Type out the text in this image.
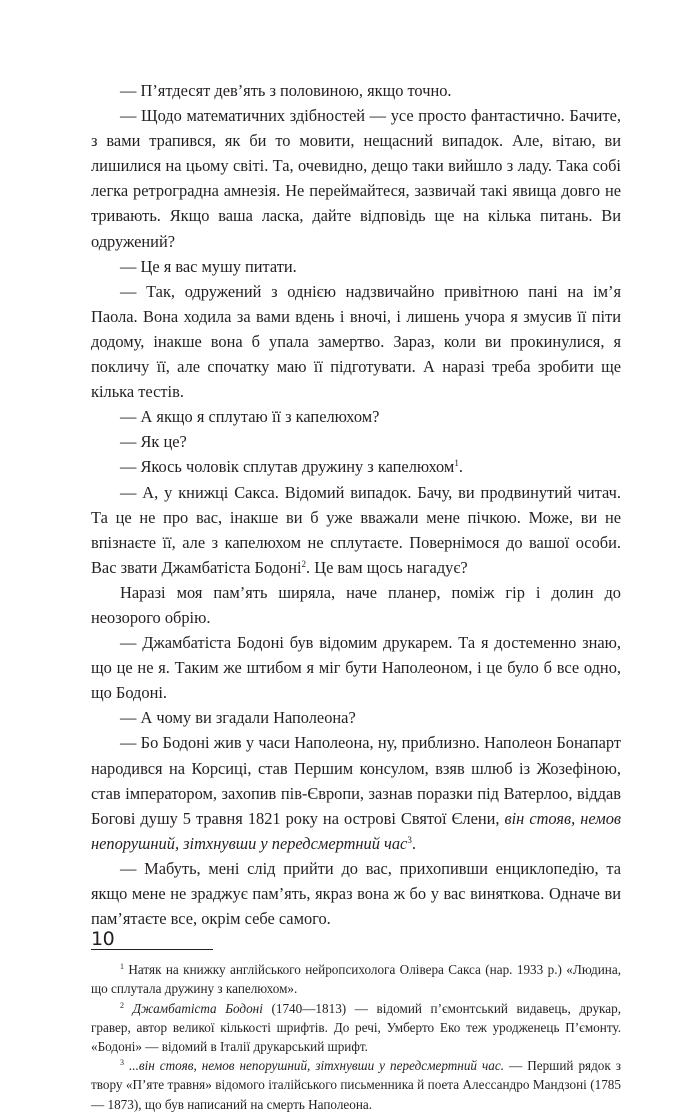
— П’ятдесят дев’ять з половиною, якщо точно.

— Щодо математичних здібностей — усе просто фантастично. Бачите, з вами трапився, як би то мовити, нещасний випадок. Але, вітаю, ви лишилися на цьому світі. Та, очевидно, дещо таки вийшло з ладу. Така собі легка ретроградна амнезія. Не переймайтеся, зазвичай такі явища довго не тривають. Якщо ваша ласка, дайте відповідь ще на кілька питань. Ви одружений?

— Це я вас мушу питати.

— Так, одружений з однією надзвичайно привітною пані на ім’я Паола. Вона ходила за вами вдень і вночі, і лишень учора я змусив її піти додому, інакше вона б упала замертво. Зараз, коли ви прокинулися, я покличу її, але спочатку маю її підготувати. А наразі треба зробити ще кілька тестів.

— А якщо я сплутаю її з капелюхом?

— Як це?

— Якось чоловік сплутав дружину з капелюхом$^1$.

— А, у книжці Сакса. Відомий випадок. Бачу, ви продвинутий читач. Та це не про вас, інакше ви б уже вважали мене пічкою. Може, ви не впізнаєте її, але з капелюхом не сплутаєте. Повернімося до вашої особи. Вас звати Джамбатіста Бодоні$^2$. Це вам щось нагадує?

Наразі моя пам’ять ширяла, наче планер, поміж гір і долин до неозорого обрію.

— Джамбатіста Бодоні був відомим друкарем. Та я достеменно знаю, що це не я. Таким же штибом я міг бути Наполеоном, і це було б все одно, що Бодоні.

— А чому ви згадали Наполеона?

— Бо Бодоні жив у часи Наполеона, ну, приблизно. Наполеон Бонапарт народився на Корсиці, став Першим консулом, взяв шлюб із Жозефіною, став імператором, захопив пів-Європи, зазнав поразки під Ватерлоо, віддав Богові душу 5 травня 1821 року на острові Святої Єлени, він стояв, немов непорушний, зітхнувши у передсмертний час$^3$.

— Мабуть, мені слід прийти до вас, прихопивши енциклопедію, та якщо мене не зраджує пам’ять, якраз вона ж бо у вас виняткова. Одначе ви пам’ятаєте все, окрім себе самого.

$^1$ Натяк на книжку англійського нейропсихолога Олівера Сакса (нар. 1933 р.) «Людина, що сплутала дружину з капелюхом».

$^2$ Джамбатіста Бодоні (1740—1813) — відомий п’ємонтський видавець, друкар, гравер, автор великої кількості шрифтів. До речі, Умберто Еко теж уродженець П’ємонту. «Бодоні» — відомий в Італії друкарський шрифт.

$^3$ ...він стояв, немов непорушний, зітхнувши у передсмертний час. — Перший рядок з твору «П’яте травня» відомого італійського письменника й поета Алессандро Мандзоні (1785 — 1873), що був написаний на смерть Наполеона.

10
